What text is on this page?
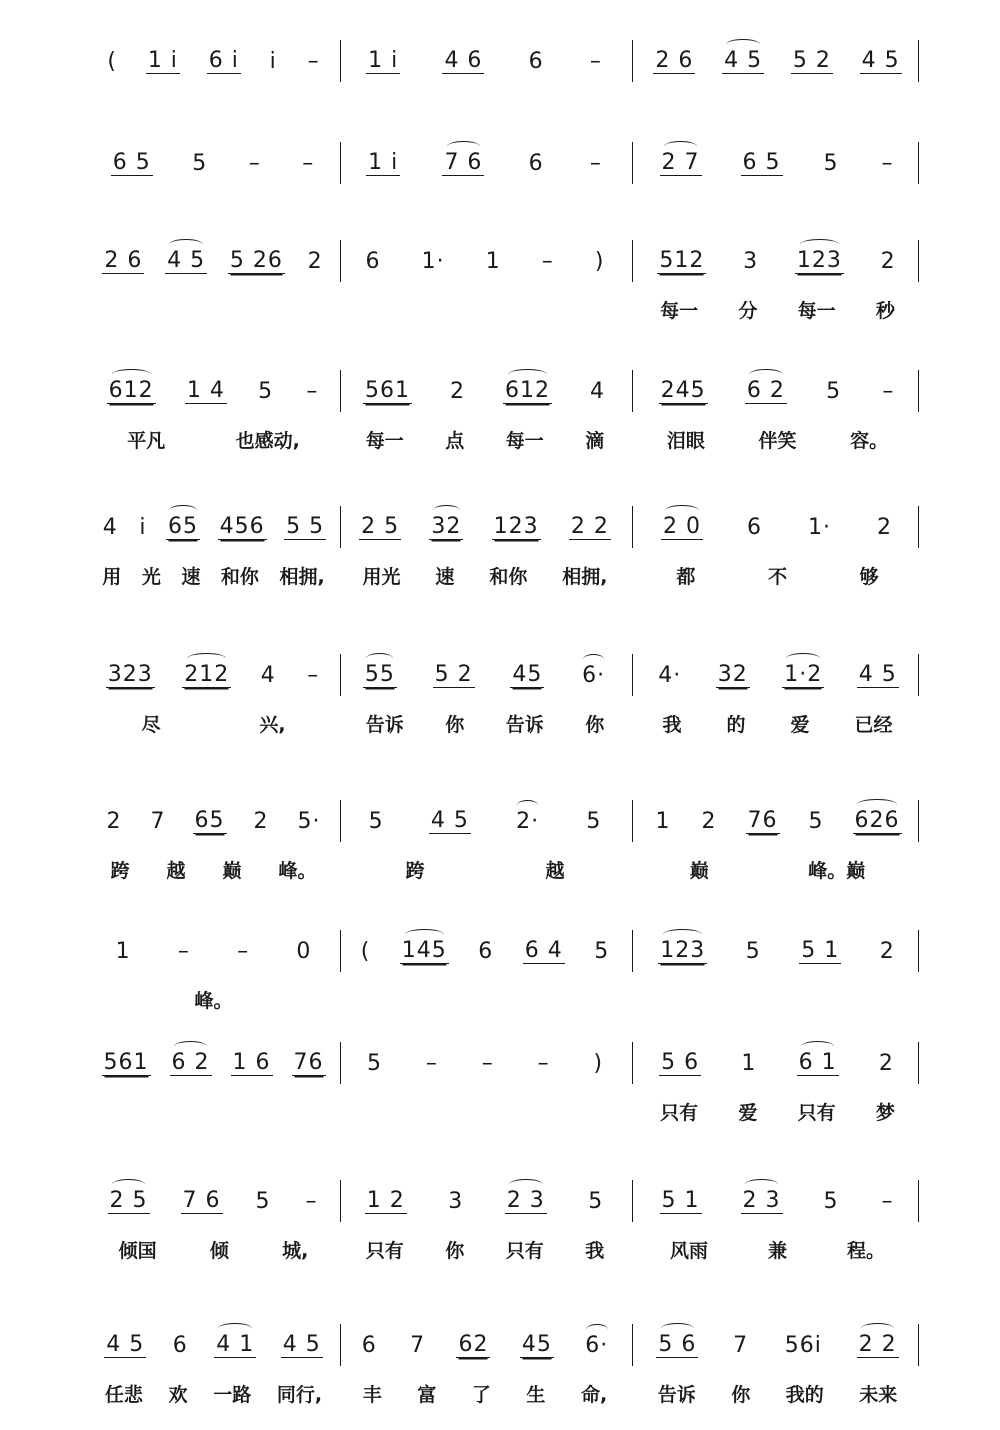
( 1 i 6 i i – 1 i 4 6 6 – 2 6 4 5 5 2 4 5
6 5 5 – – 1 i 7 6 6 –	2 7 6 5 5 –
2 6 4 5 5 26 2 6 1· 1 – ) 512 3 123 2
每一 分 每一 秒
612 1 4 5 –
平凡	也感动,
561 2 612 4
每一 点 每一 滴
245 6 2 5 –
泪眼	伴笑	容。
4 i 65 456 5 5
用 光 速 和你 相拥,
2 5 32 123 2 2
用光 速 和你 相拥,
2 0 6 1· 2
都	不	够
323 212 4 –
尽	兴,
55 5 2 45 6·
告诉 你 告诉 你
4· 32 1·2 4 5
我 的 爱 已经
2 7 65 2 5·
跨 越 巅 峰。
5 4 5 2· 5
跨	越
1 2 76 5 626
巅	峰。巅
1 – – 0
峰。
( 145 6 6 4 5 123 5 5 1 2
561 6 2 1 6 76 5 – – – )	5 6 1 6 1 2
只有 爱 只有 梦
2 5 7 6 5 –
倾国	倾	城,
1 2 3 2 3 5
只有 你 只有 我
5 1 2 3 5 –
风雨	兼	程。
4 5 6 4 1 4 5
任悲 欢 一路 同行,
6 7 62 45 6·
丰 富 了 生 命,
5 6 7 56i 2 2
告诉 你 我的 未来
